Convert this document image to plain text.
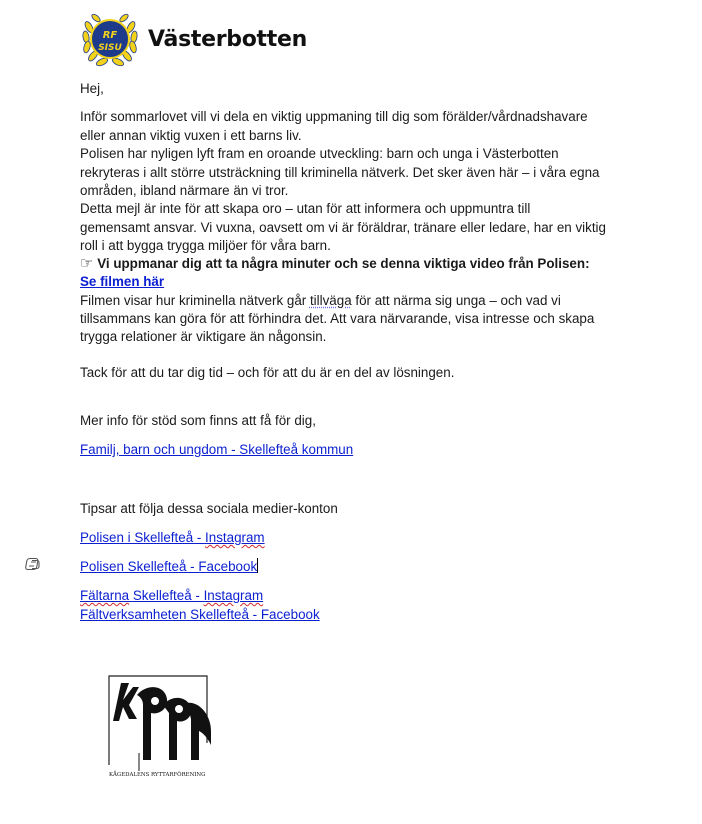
RF
SISU Västerbotten
Hej,
Inför sommarlovet vill vi dela en viktig uppmaning till dig som förälder/vårdnadshavare
eller annan viktig vuxen i ett barns liv.
Polisen har nyligen lyft fram en oroande utveckling: barn och unga i Västerbotten
rekryteras i allt större utsträckning till kriminella nätverk. Det sker även här – i våra egna
områden, ibland närmare än vi tror.
Detta mejl är inte för att skapa oro – utan för att informera och uppmuntra till
gemensamt ansvar. Vi vuxna, oavsett om vi är föräldrar, tränare eller ledare, har en viktig
roll i att bygga trygga miljöer för våra barn.
☞ Vi uppmanar dig att ta några minuter och se denna viktiga video från Polisen:
Se filmen här
Filmen visar hur kriminella nätverk går tillväga för att närma sig unga – och vad vi
tillsammans kan göra för att förhindra det. Att vara närvarande, visa intresse och skapa
trygga relationer är viktigare än någonsin.
Tack för att du tar dig tid – och för att du är en del av lösningen.
Mer info för stöd som finns att få för dig,
Familj, barn och ungdom - Skellefteå kommun
Tipsar att följa dessa sociala medier-konton
Polisen i Skellefteå - Instagram
Polisen Skellefteå - Facebook
Fältarna Skellefteå - Instagram
Fältverksamheten Skellefteå - Facebook
KÅGEDALENS RYTTARFÖRENING
